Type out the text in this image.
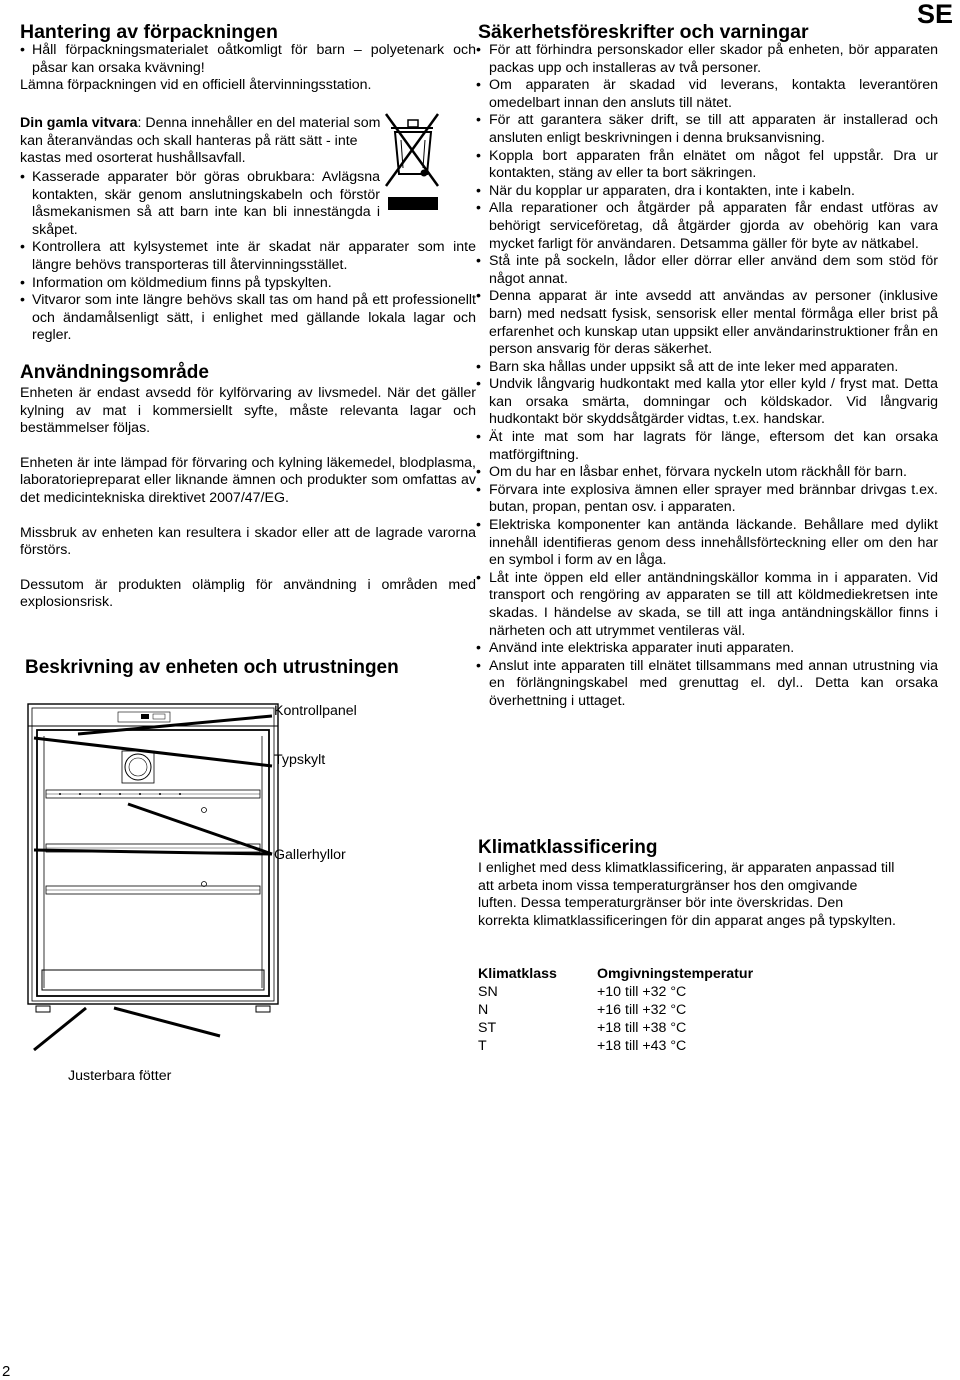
SE
Hantering av förpackningen
• Håll förpackningsmaterialet oåtkomligt för barn – polyetenark och påsar kan orsaka kvävning!

Lämna förpackningen vid en officiell återvinningsstation.

Din gamla vitvara: Denna innehåller en del material som kan återanvändas och skall hanteras på rätt sätt - inte kastas med osorterat hushållsavfall.

• Kasserade apparater bör göras obrukbara: Avlägsna kontakten, skär genom anslutningskabeln och förstör låsmekanismen så att barn inte kan bli innestängda i skåpet.
• Kontrollera att kylsystemet inte är skadat när apparater som inte längre behövs transporteras till återvinningsstället.
• Information om köldmedium finns på typskylten.
• Vitvaror som inte längre behövs skall tas om hand på ett professionellt och ändamålsenligt sätt, i enlighet med gällande lokala lagar och regler.
Användningsområde

Enheten är endast avsedd för kylförvaring av livsmedel. När det gäller kylning av mat i kommersiellt syfte, måste relevanta lagar och bestämmelser följas.

Enheten är inte lämpad för förvaring och kylning läkemedel, blodplasma, laboratoriepreparat eller liknande ämnen och produkter som omfattas av det medicintekniska direktivet 2007/47/EG.

Missbruk av enheten kan resultera i skador eller att de lagrade varorna förstörs.

Dessutom är produkten olämplig för användning i områden med explosionsrisk.

Beskrivning av enheten och utrustningen
Kontrollpanel
Typskylt
Gallerhyllor
Justerbara fötter
Säkerhetsföreskrifter och varningar
• För att förhindra personskador eller skador på enheten, bör apparaten packas upp och installeras av två personer.
• Om apparaten är skadad vid leverans, kontakta leverantören omedelbart innan den ansluts till nätet.
• För att garantera säker drift, se till att apparaten är installerad och ansluten enligt beskrivningen i denna bruksanvisning.
• Koppla bort apparaten från elnätet om något fel uppstår. Dra ur kontakten, stäng av eller ta bort säkringen.
• När du kopplar ur apparaten, dra i kontakten, inte i kabeln.
• Alla reparationer och åtgärder på apparaten får endast utföras av behörigt serviceföretag, då åtgärder gjorda av obehörig kan vara mycket farligt för användaren. Detsamma gäller för byte av nätkabel.
• Stå inte på sockeln, lådor eller dörrar eller använd dem som stöd för något annat.
• Denna apparat är inte avsedd att användas av personer (inklusive barn) med nedsatt fysisk, sensorisk eller mental förmåga eller brist på erfarenhet och kunskap utan uppsikt eller användarinstruktioner från en person ansvarig för deras säkerhet.
• Barn ska hållas under uppsikt så att de inte leker med apparaten.
• Undvik långvarig hudkontakt med kalla ytor eller kyld / fryst mat. Detta kan orsaka smärta, domningar och köldskador. Vid långvarig hudkontakt bör skyddsåtgärder vidtas, t.ex. handskar.
• Ät inte mat som har lagrats för länge, eftersom det kan orsaka matförgiftning.
• Om du har en låsbar enhet, förvara nyckeln utom räckhåll för barn.
• Förvara inte explosiva ämnen eller sprayer med brännbar drivgas t.ex. butan, propan, pentan osv. i apparaten.
• Elektriska komponenter kan antända läckande. Behållare med dylikt innehåll identifieras genom dess innehållsförteckning eller om den har en symbol i form av en låga.
• Låt inte öppen eld eller antändningskällor komma in i apparaten. Vid transport och rengöring av apparaten se till att köldmediekretsen inte skadas. I händelse av skada, se till att inga antändningskällor finns i närheten och att utrymmet ventileras väl.
• Använd inte elektriska apparater inuti apparaten.
• Anslut inte apparaten till elnätet tillsammans med annan utrustning via en förlängningskabel med grenuttag el. dyl.. Detta kan orsaka överhettning i uttaget.
Klimatklassificering

I enlighet med dess klimatklassificering, är apparaten anpassad till att arbeta inom vissa temperaturgränser hos den omgivande luften. Dessa temperaturgränser bör inte överskridas. Den korrekta klimatklassificeringen för din apparat anges på typskylten.

Klimatklass	Omgivningstemperatur
SN	+10 till +32 °C
N	+16 till +32 °C
ST	+18 till +38 °C
T	+18 till +43 °C
2
